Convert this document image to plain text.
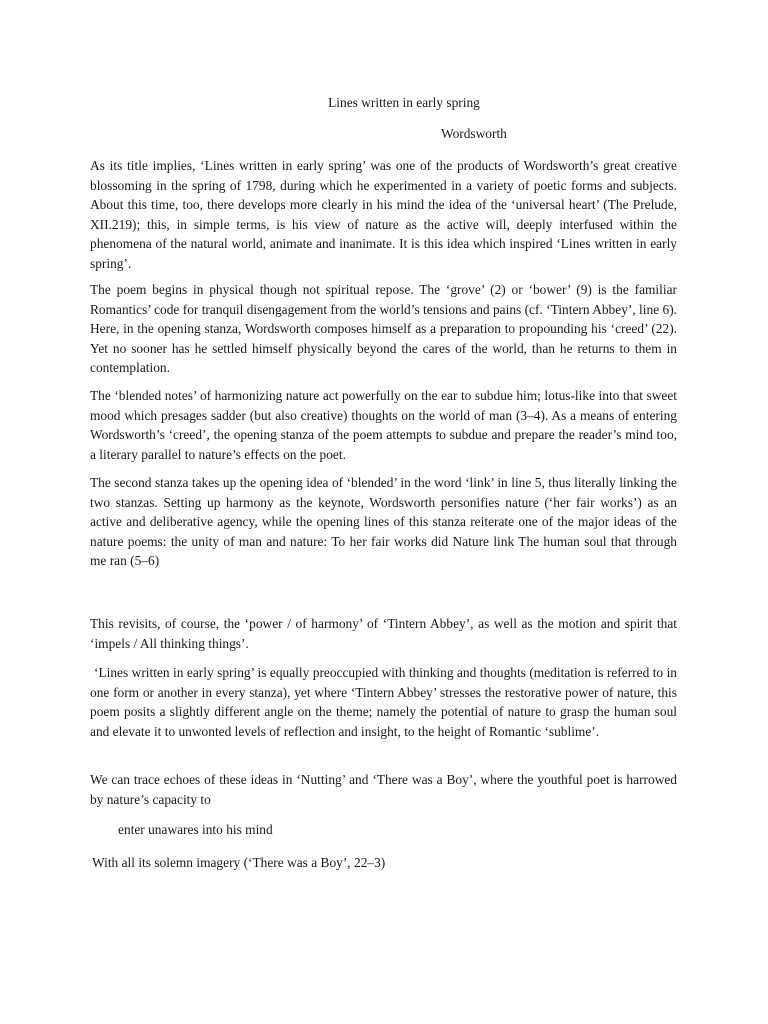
Lines written in early spring

Wordsworth

As its title implies, ‘Lines written in early spring’ was one of the products of Wordsworth’s great creative blossoming in the spring of 1798, during which he experimented in a variety of poetic forms and subjects. About this time, too, there develops more clearly in his mind the idea of the ‘universal heart’ (The Prelude, XII.219); this, in simple terms, is his view of nature as the active will, deeply interfused within the phenomena of the natural world, animate and inanimate. It is this idea which inspired ‘Lines written in early spring’.

The poem begins in physical though not spiritual repose. The ‘grove’ (2) or ‘bower’ (9) is the familiar Romantics’ code for tranquil disengagement from the world’s tensions and pains (cf. ‘Tintern Abbey’, line 6). Here, in the opening stanza, Wordsworth composes himself as a preparation to propounding his ‘creed’ (22). Yet no sooner has he settled himself physically beyond the cares of the world, than he returns to them in contemplation.

The ‘blended notes’ of harmonizing nature act powerfully on the ear to subdue him; lotus-like into that sweet mood which presages sadder (but also creative) thoughts on the world of man (3–4). As a means of entering Wordsworth’s ‘creed’, the opening stanza of the poem attempts to subdue and prepare the reader’s mind too, a literary parallel to nature’s effects on the poet.

The second stanza takes up the opening idea of ‘blended’ in the word ‘link’ in line 5, thus literally linking the two stanzas. Setting up harmony as the keynote, Wordsworth personifies nature (‘her fair works’) as an active and deliberative agency, while the opening lines of this stanza reiterate one of the major ideas of the nature poems: the unity of man and nature: To her fair works did Nature link The human soul that through me ran (5–6)

This revisits, of course, the ‘power / of harmony’ of ‘Tintern Abbey’, as well as the motion and spirit that ‘impels / All thinking things’.

‘Lines written in early spring’ is equally preoccupied with thinking and thoughts (meditation is referred to in one form or another in every stanza), yet where ‘Tintern Abbey’ stresses the restorative power of nature, this poem posits a slightly different angle on the theme; namely the potential of nature to grasp the human soul and elevate it to unwonted levels of reflection and insight, to the height of Romantic ‘sublime’.

We can trace echoes of these ideas in ‘Nutting’ and ‘There was a Boy’, where the youthful poet is harrowed by nature’s capacity to

enter unawares into his mind

With all its solemn imagery (‘There was a Boy’, 22–3)
